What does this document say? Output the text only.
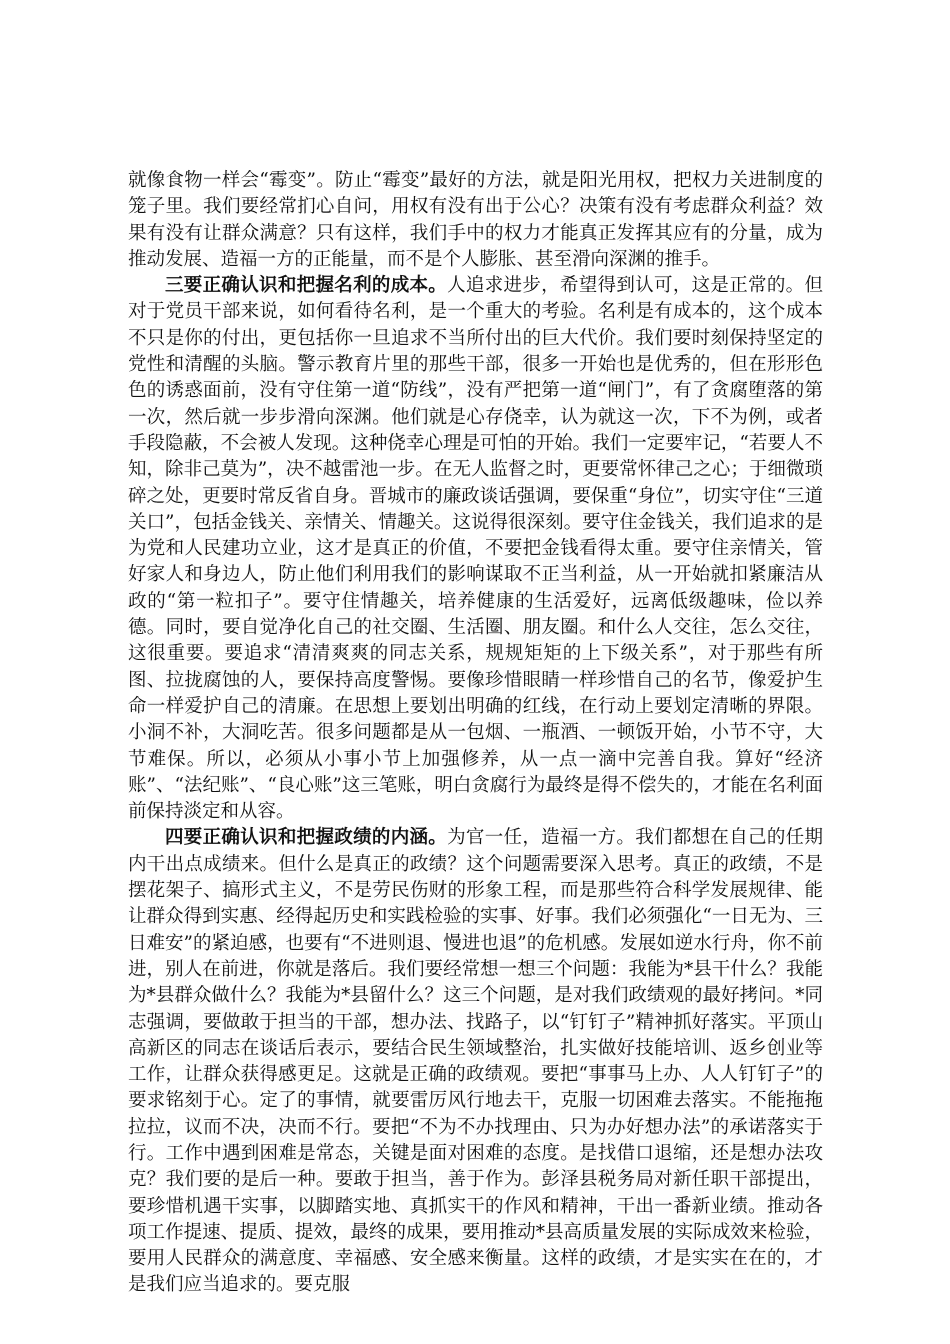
就像食物一样会“霉变”。防止“霉变”最好的方法，就是阳光用权，把权力关进制度的笼子里。我们要经常扪心自问，用权有没有出于公心？决策有没有考虑群众利益？效果有没有让群众满意？只有这样，我们手中的权力才能真正发挥其应有的分量，成为推动发展、造福一方的正能量，而不是个人膨胀、甚至滑向深渊的推手。

三要正确认识和把握名利的成本。人追求进步，希望得到认可，这是正常的。但对于党员干部来说，如何看待名利，是一个重大的考验。名利是有成本的，这个成本不只是你的付出，更包括你一旦追求不当所付出的巨大代价。我们要时刻保持坚定的党性和清醒的头脑。警示教育片里的那些干部，很多一开始也是优秀的，但在形形色色的诱惑面前，没有守住第一道“防线”，没有严把第一道“闸门”，有了贪腐堕落的第一次，然后就一步步滑向深渊。他们就是心存侥幸，认为就这一次，下不为例，或者手段隐蔽，不会被人发现。这种侥幸心理是可怕的开始。我们一定要牢记，“若要人不知，除非己莫为”，决不越雷池一步。在无人监督之时，更要常怀律己之心；于细微琐碎之处，更要时常反省自身。晋城市的廉政谈话强调，要保重“身位”，切实守住“三道关口”，包括金钱关、亲情关、情趣关。这说得很深刻。要守住金钱关，我们追求的是为党和人民建功立业，这才是真正的价值，不要把金钱看得太重。要守住亲情关，管好家人和身边人，防止他们利用我们的影响谋取不正当利益，从一开始就扣紧廉洁从政的“第一粒扣子”。要守住情趣关，培养健康的生活爱好，远离低级趣味，俭以养德。同时，要自觉净化自己的社交圈、生活圈、朋友圈。和什么人交往，怎么交往，这很重要。要追求“清清爽爽的同志关系，规规矩矩的上下级关系”，对于那些有所图、拉拢腐蚀的人，要保持高度警惕。要像珍惜眼睛一样珍惜自己的名节，像爱护生命一样爱护自己的清廉。在思想上要划出明确的红线，在行动上要划定清晰的界限。小洞不补，大洞吃苦。很多问题都是从一包烟、一瓶酒、一顿饭开始，小节不守，大节难保。所以，必须从小事小节上加强修养，从一点一滴中完善自我。算好“经济账”、“法纪账”、“良心账”这三笔账，明白贪腐行为最终是得不偿失的，才能在名利面前保持淡定和从容。

四要正确认识和把握政绩的内涵。为官一任，造福一方。我们都想在自己的任期内干出点成绩来。但什么是真正的政绩？这个问题需要深入思考。真正的政绩，不是摆花架子、搞形式主义，不是劳民伤财的形象工程，而是那些符合科学发展规律、能让群众得到实惠、经得起历史和实践检验的实事、好事。我们必须强化“一日无为、三日难安”的紧迫感，也要有“不进则退、慢进也退”的危机感。发展如逆水行舟，你不前进，别人在前进，你就是落后。我们要经常想一想三个问题：我能为*县干什么？我能为*县群众做什么？我能为*县留什么？这三个问题，是对我们政绩观的最好拷问。*同志强调，要做敢于担当的干部，想办法、找路子，以“钉钉子”精神抓好落实。平顶山高新区的同志在谈话后表示，要结合民生领域整治，扎实做好技能培训、返乡创业等工作，让群众获得感更足。这就是正确的政绩观。要把“事事马上办、人人钉钉子”的要求铭刻于心。定了的事情，就要雷厉风行地去干，克服一切困难去落实。不能拖拖拉拉，议而不决，决而不行。要把“不为不办找理由、只为办好想办法”的承诺落实于行。工作中遇到困难是常态，关键是面对困难的态度。是找借口退缩，还是想办法攻克？我们要的是后一种。要敢于担当，善于作为。彭泽县税务局对新任职干部提出，要珍惜机遇干实事，以脚踏实地、真抓实干的作风和精神，干出一番新业绩。推动各项工作提速、提质、提效，最终的成果，要用推动*县高质量发展的实际成效来检验，要用人民群众的满意度、幸福感、安全感来衡量。这样的政绩，才是实实在在的，才是我们应当追求的。要克服
